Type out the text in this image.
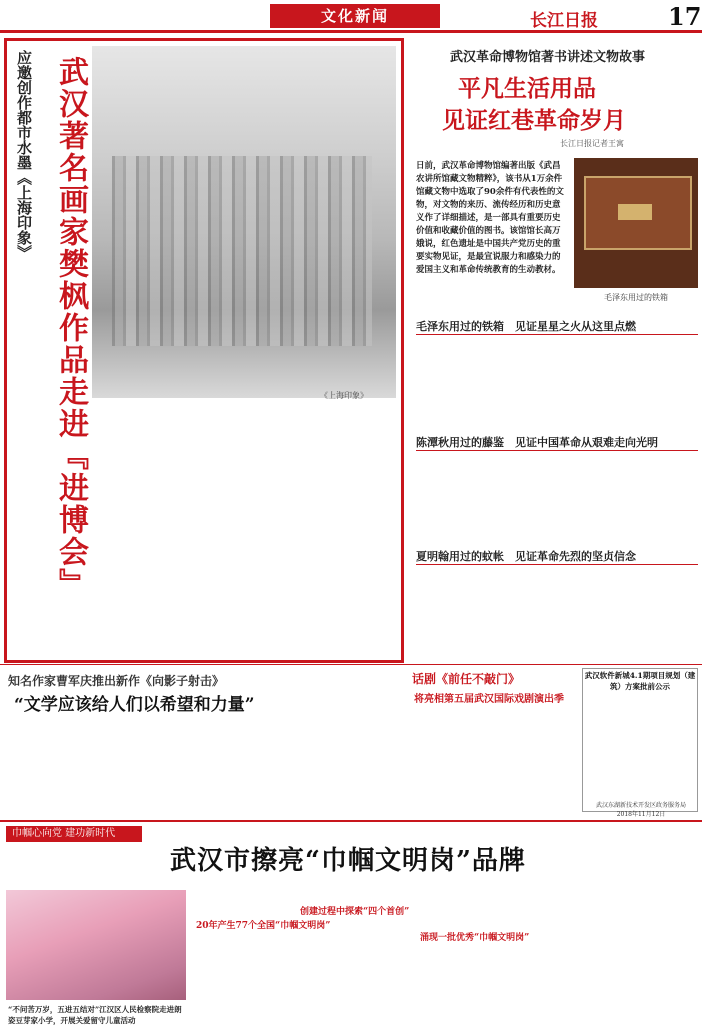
文化新闻	长江日报	17
应邀创作都市水墨《上海印象》 武汉著名画家樊枫作品走进『进博会』	《上海印象》
武汉革命博物馆著书讲述文物故事
平凡生活用品
见证红巷革命岁月
长江日报记者王寓
日前，武汉革命博物馆编著出版《武昌农讲所馆藏文物精粹》，该书从1万余件馆藏文物中选取了90余件有代表性的文物，对文物的来历、流传经历和历史意义作了详细描述，是一部具有重要历史价值和收藏价值的图书。该馆馆长高万娥说，红色遗址是中国共产党历史的重要实物见证，是最宣说服力和感染力的爱国主义和革命传统教育的生动教材。
毛泽东用过的铁箱
毛泽东用过的铁箱　见证星星之火从这里点燃
陈潭秋用过的藤鉴　见证中国革命从艰难走向光明
夏明翰用过的蚊帐　见证革命先烈的坚贞信念
知名作家曹军庆推出新作《向影子射击》
“文学应该给人们以希望和力量”
话剧《前任不敲门》
将亮相第五届武汉国际戏剧演出季
武汉软件新城4.1期项目规划（建筑）方案批前公示
武汉东湖新技术开发区政务服务局　2018年11月12日
巾帼心向党 建功新时代
武汉市擦亮“巾帼文明岗”品牌
“不问苦万岁，五进五结对”江汉区人民检察院走进朗姿豆芽家小学，开展关爱留守儿童活动
20年产生77个全国“巾帼文明岗”
创建过程中探索“四个首创”
涌现一批优秀“巾帼文明岗”
